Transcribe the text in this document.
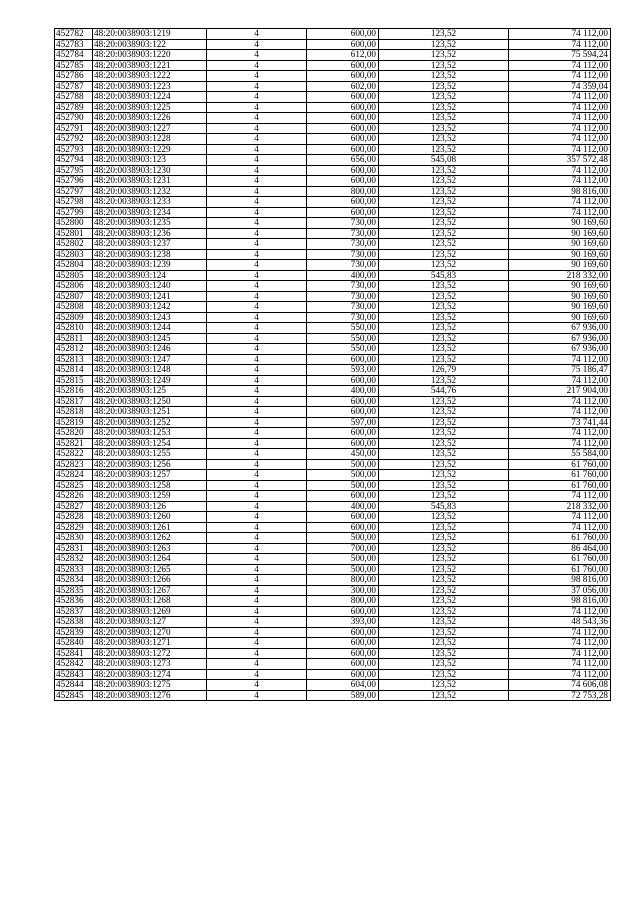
452782	48:20:0038903:1219	4	600,00	123,52	74 112,00
452783	48:20:0038903:122	4	600,00	123,52	74 112,00
452784	48:20:0038903:1220	4	612,00	123,52	75 594,24
452785	48:20:0038903:1221	4	600,00	123,52	74 112,00
452786	48:20:0038903:1222	4	600,00	123,52	74 112,00
452787	48:20:0038903:1223	4	602,00	123,52	74 359,04
452788	48:20:0038903:1224	4	600,00	123,52	74 112,00
452789	48:20:0038903:1225	4	600,00	123,52	74 112,00
452790	48:20:0038903:1226	4	600,00	123,52	74 112,00
452791	48:20:0038903:1227	4	600,00	123,52	74 112,00
452792	48:20:0038903:1228	4	600,00	123,52	74 112,00
452793	48:20:0038903:1229	4	600,00	123,52	74 112,00
452794	48:20:0038903:123	4	656,00	545,08	357 572,48
452795	48:20:0038903:1230	4	600,00	123,52	74 112,00
452796	48:20:0038903:1231	4	600,00	123,52	74 112,00
452797	48:20:0038903:1232	4	800,00	123,52	98 816,00
452798	48:20:0038903:1233	4	600,00	123,52	74 112,00
452799	48:20:0038903:1234	4	600,00	123,52	74 112,00
452800	48:20:0038903:1235	4	730,00	123,52	90 169,60
452801	48:20:0038903:1236	4	730,00	123,52	90 169,60
452802	48:20:0038903:1237	4	730,00	123,52	90 169,60
452803	48:20:0038903:1238	4	730,00	123,52	90 169,60
452804	48:20:0038903:1239	4	730,00	123,52	90 169,60
452805	48:20:0038903:124	4	400,00	545,83	218 332,00
452806	48:20:0038903:1240	4	730,00	123,52	90 169,60
452807	48:20:0038903:1241	4	730,00	123,52	90 169,60
452808	48:20:0038903:1242	4	730,00	123,52	90 169,60
452809	48:20:0038903:1243	4	730,00	123,52	90 169,60
452810	48:20:0038903:1244	4	550,00	123,52	67 936,00
452811	48:20:0038903:1245	4	550,00	123,52	67 936,00
452812	48:20:0038903:1246	4	550,00	123,52	67 936,00
452813	48:20:0038903:1247	4	600,00	123,52	74 112,00
452814	48:20:0038903:1248	4	593,00	126,79	75 186,47
452815	48:20:0038903:1249	4	600,00	123,52	74 112,00
452816	48:20:0038903:125	4	400,00	544,76	217 904,00
452817	48:20:0038903:1250	4	600,00	123,52	74 112,00
452818	48:20:0038903:1251	4	600,00	123,52	74 112,00
452819	48:20:0038903:1252	4	597,00	123,52	73 741,44
452820	48:20:0038903:1253	4	600,00	123,52	74 112,00
452821	48:20:0038903:1254	4	600,00	123,52	74 112,00
452822	48:20:0038903:1255	4	450,00	123,52	55 584,00
452823	48:20:0038903:1256	4	500,00	123,52	61 760,00
452824	48:20:0038903:1257	4	500,00	123,52	61 760,00
452825	48:20:0038903:1258	4	500,00	123,52	61 760,00
452826	48:20:0038903:1259	4	600,00	123,52	74 112,00
452827	48:20:0038903:126	4	400,00	545,83	218 332,00
452828	48:20:0038903:1260	4	600,00	123,52	74 112,00
452829	48:20:0038903:1261	4	600,00	123,52	74 112,00
452830	48:20:0038903:1262	4	500,00	123,52	61 760,00
452831	48:20:0038903:1263	4	700,00	123,52	86 464,00
452832	48:20:0038903:1264	4	500,00	123,52	61 760,00
452833	48:20:0038903:1265	4	500,00	123,52	61 760,00
452834	48:20:0038903:1266	4	800,00	123,52	98 816,00
452835	48:20:0038903:1267	4	300,00	123,52	37 056,00
452836	48:20:0038903:1268	4	800,00	123,52	98 816,00
452837	48:20:0038903:1269	4	600,00	123,52	74 112,00
452838	48:20:0038903:127	4	393,00	123,52	48 543,36
452839	48:20:0038903:1270	4	600,00	123,52	74 112,00
452840	48:20:0038903:1271	4	600,00	123,52	74 112,00
452841	48:20:0038903:1272	4	600,00	123,52	74 112,00
452842	48:20:0038903:1273	4	600,00	123,52	74 112,00
452843	48:20:0038903:1274	4	600,00	123,52	74 112,00
452844	48:20:0038903:1275	4	604,00	123,52	74 606,08
452845	48:20:0038903:1276	4	589,00	123,52	72 753,28
